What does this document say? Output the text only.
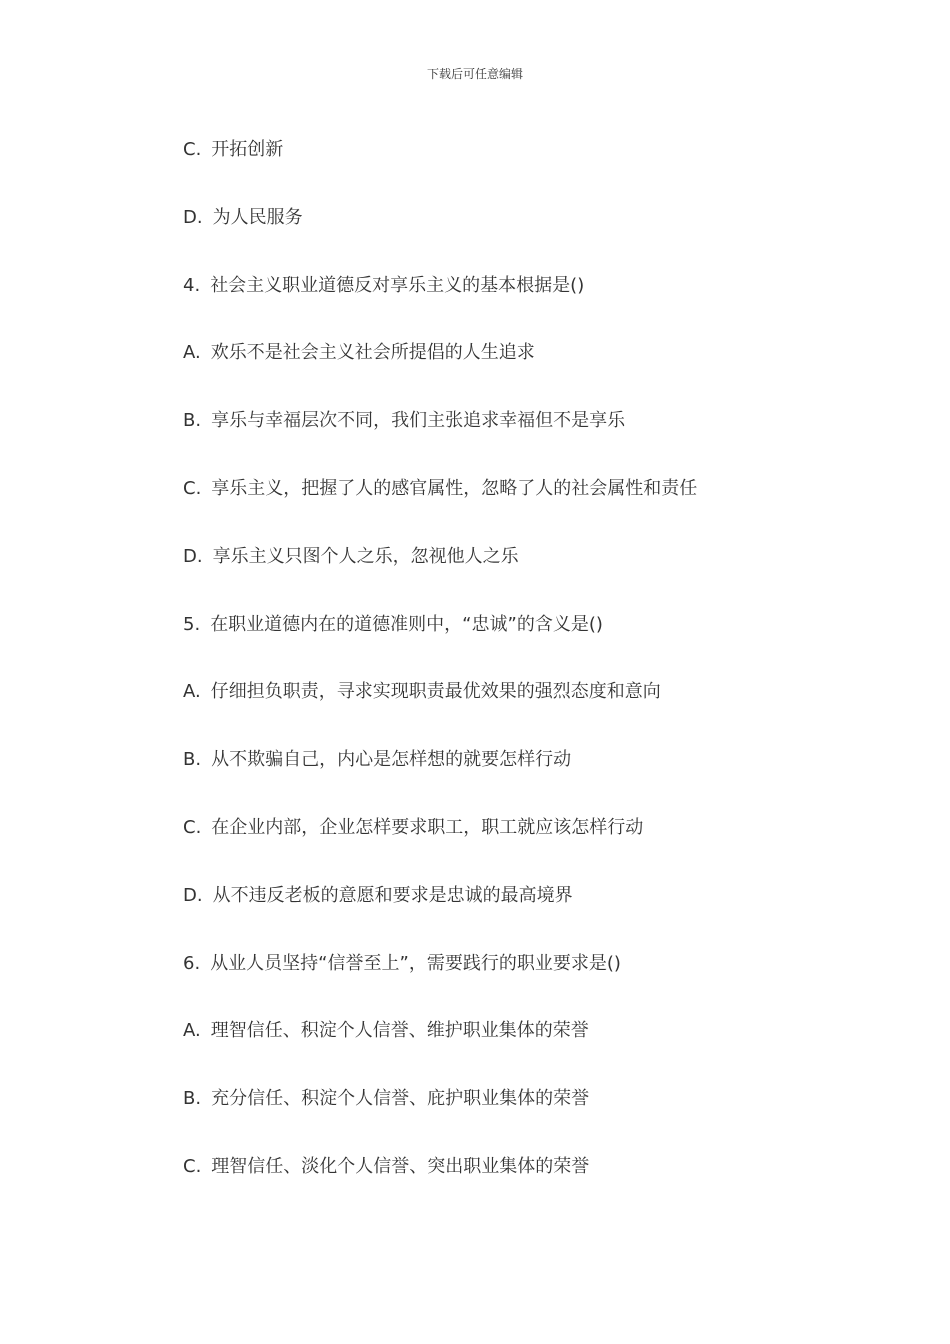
下载后可任意编辑
C. 开拓创新
D. 为人民服务
4. 社会主义职业道德反对享乐主义的基本根据是()
A. 欢乐不是社会主义社会所提倡的人生追求
B. 享乐与幸福层次不同，我们主张追求幸福但不是享乐
C. 享乐主义，把握了人的感官属性，忽略了人的社会属性和责任
D. 享乐主义只图个人之乐，忽视他人之乐
5. 在职业道德内在的道德准则中，“忠诚”的含义是()
A. 仔细担负职责，寻求实现职责最优效果的强烈态度和意向
B. 从不欺骗自己，内心是怎样想的就要怎样行动
C. 在企业内部，企业怎样要求职工，职工就应该怎样行动
D. 从不违反老板的意愿和要求是忠诚的最高境界
6. 从业人员坚持“信誉至上”，需要践行的职业要求是()
A. 理智信任、积淀个人信誉、维护职业集体的荣誉
B. 充分信任、积淀个人信誉、庇护职业集体的荣誉
C. 理智信任、淡化个人信誉、突出职业集体的荣誉
